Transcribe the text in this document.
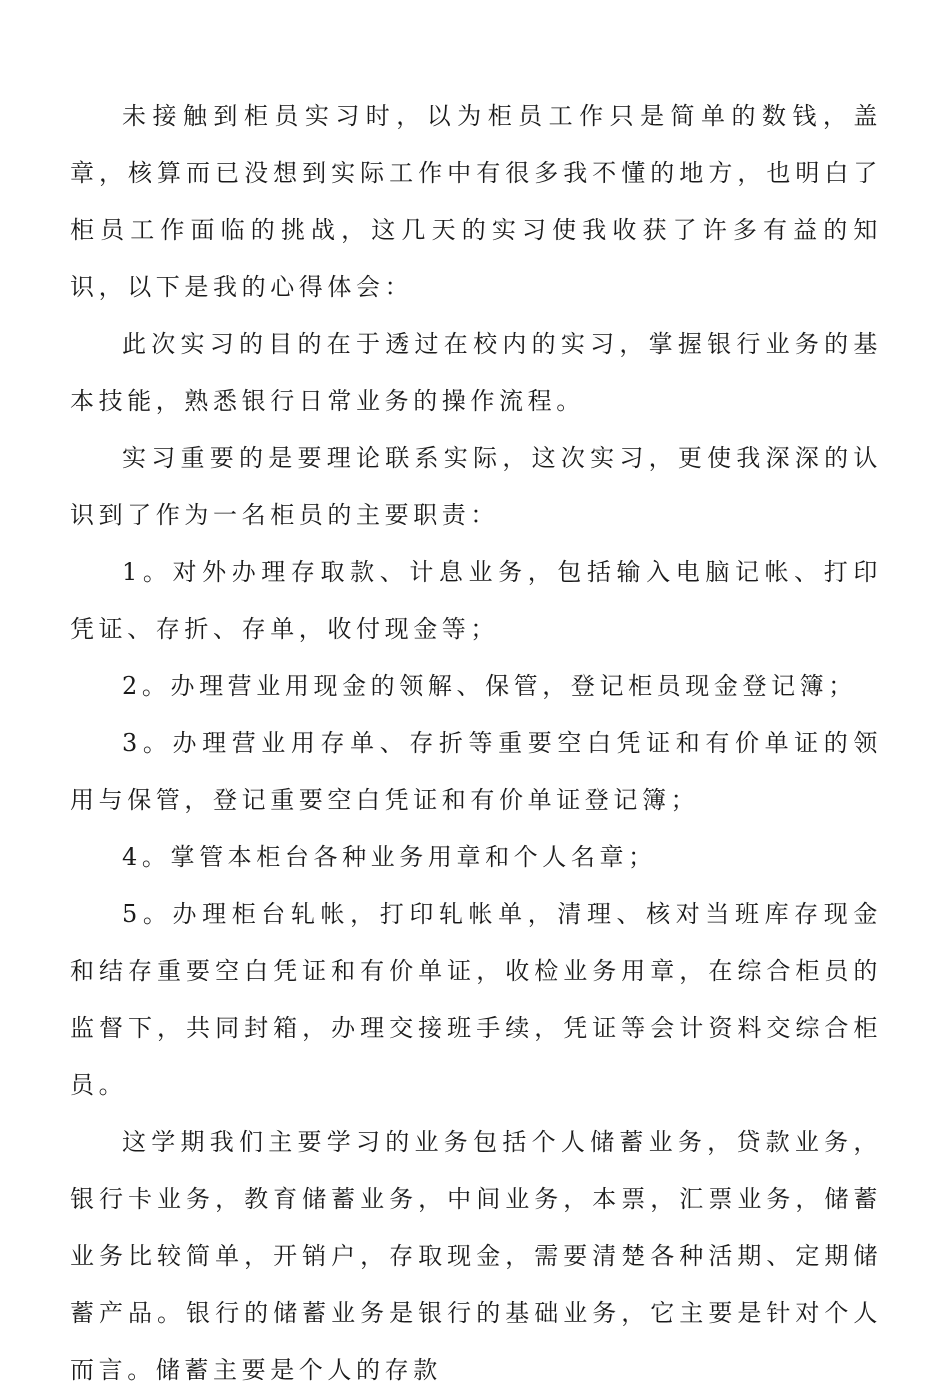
未接触到柜员实习时，以为柜员工作只是简单的数钱，盖章，核算而已没想到实际工作中有很多我不懂的地方，也明白了柜员工作面临的挑战，这几天的实习使我收获了许多有益的知识，以下是我的心得体会：

此次实习的目的在于透过在校内的实习，掌握银行业务的基本技能，熟悉银行日常业务的操作流程。

实习重要的是要理论联系实际，这次实习，更使我深深的认识到了作为一名柜员的主要职责：

1。对外办理存取款、计息业务，包括输入电脑记帐、打印凭证、存折、存单，收付现金等；

2。办理营业用现金的领解、保管，登记柜员现金登记簿；

3。办理营业用存单、存折等重要空白凭证和有价单证的领用与保管，登记重要空白凭证和有价单证登记簿；

4。掌管本柜台各种业务用章和个人名章；

5。办理柜台轧帐，打印轧帐单，清理、核对当班库存现金和结存重要空白凭证和有价单证，收检业务用章，在综合柜员的监督下，共同封箱，办理交接班手续，凭证等会计资料交综合柜员。

这学期我们主要学习的业务包括个人储蓄业务，贷款业务，银行卡业务，教育储蓄业务，中间业务，本票，汇票业务，储蓄业务比较简单，开销户，存取现金，需要清楚各种活期、定期储蓄产品。银行的储蓄业务是银行的基础业务，它主要是针对个人而言。储蓄主要是个人的存款
